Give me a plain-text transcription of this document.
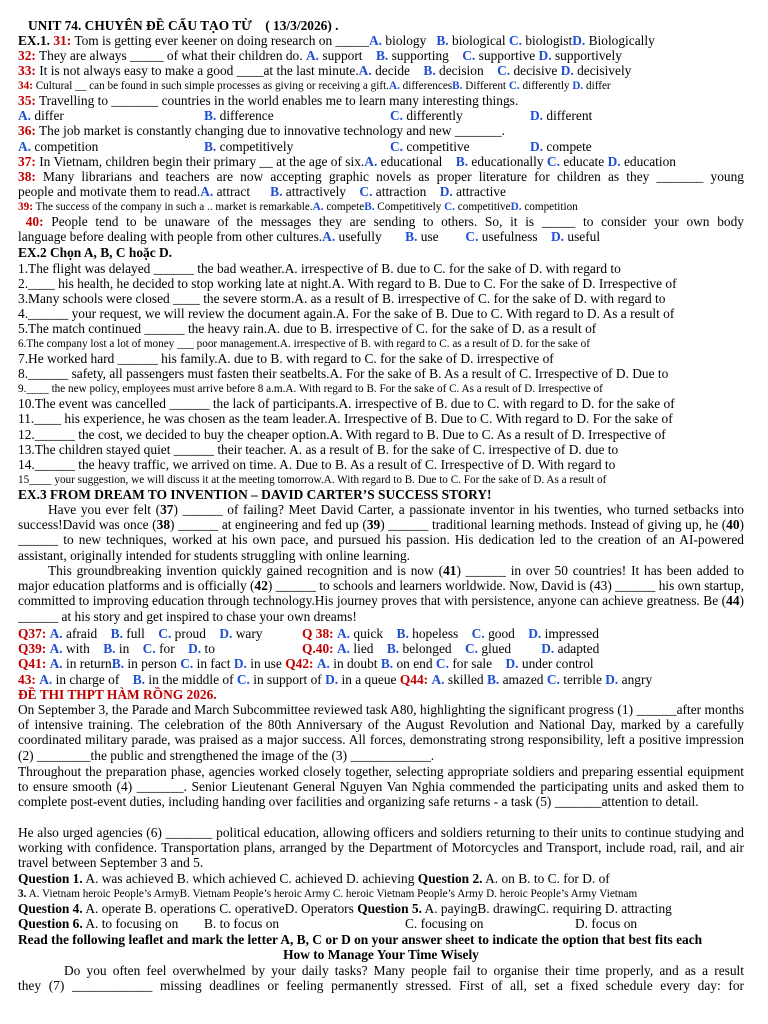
UNIT 74. CHUYÊN ĐỀ CẤU TẠO TỪ ( 13/3/2026) .
EX.1. 31: Tom is getting ever keener on doing research on _____A. biology B. biological C. biologistD. Biologically
32: They are always _____ of what their children do. A. support B. supporting C. supportive D. supportively
33: It is not always easy to make a good ____at the last minute.A. decide B. decision C. decisive D. decisively
34: Cultural __ can be found in such simple processes as giving or receiving a gift.A. differencesB. Different C. differently D. differ
35: Travelling to _______ countries in the world enables me to learn many interesting things.
A. differ	B. difference	C. differently	D. different
36: The job market is constantly changing due to innovative technology and new _______.
A. competition	B. competitively	C. competitive	D. compete
37: In Vietnam, children begin their primary __ at the age of six.A. educational B. educationally C. educate D. education
38: Many librarians and teachers are now accepting graphic novels as proper literature for children as they _______ young
people and motivate them to read.A. attract B. attractively C. attraction D. attractive
39: The success of the company in such a .. market is remarkable.A. competeB. Competitively C. competitiveD. competition
40: People tend to be unaware of the messages they are sending to others. So, it is _____ to consider your own body
language before dealing with people from other cultures.A. usefully B. use C. usefulness D. useful
EX.2 Chọn A, B, C hoặc D.
1.The flight was delayed ______ the bad weather.A. irrespective of B. due to C. for the sake of D. with regard to
2.____ his health, he decided to stop working late at night.A. With regard to B. Due to C. For the sake of D. Irrespective of
3.Many schools were closed ____ the severe storm.A. as a result of B. irrespective of C. for the sake of D. with regard to
4.______ your request, we will review the document again.A. For the sake of B. Due to C. With regard to D. As a result of
5.The match continued ______ the heavy rain.A. due to B. irrespective of C. for the sake of D. as a result of
6.The company lost a lot of money ___ poor management.A. irrespective of B. with regard to C. as a result of D. for the sake of
7.He worked hard ______ his family.A. due to B. with regard to C. for the sake of D. irrespective of
8.______ safety, all passengers must fasten their seatbelts.A. For the sake of B. As a result of C. Irrespective of D. Due to
9.____ the new policy, employees must arrive before 8 a.m.A. With regard to B. For the sake of C. As a result of D. Irrespective of
10.The event was cancelled ______ the lack of participants.A. irrespective of B. due to C. with regard to D. for the sake of
11.____ his experience, he was chosen as the team leader.A. Irrespective of B. Due to C. With regard to D. For the sake of
12.______ the cost, we decided to buy the cheaper option.A. With regard to B. Due to C. As a result of D. Irrespective of
13.The children stayed quiet ______ their teacher. A. as a result of B. for the sake of C. irrespective of D. due to
14.______ the heavy traffic, we arrived on time. A. Due to B. As a result of C. Irrespective of D. With regard to
15____ your suggestion, we will discuss it at the meeting tomorrow.A. With regard to B. Due to C. For the sake of D. As a result of
EX.3 FROM DREAM TO INVENTION – DAVID CARTER’S SUCCESS STORY!
Have you ever felt (37) ______ of failing? Meet David Carter, a passionate inventor in his twenties, who turned setbacks into success!David was once (38) ______ at engineering and fed up (39) ______ traditional learning methods. Instead of giving up, he (40) ______ to new techniques, worked at his own pace, and pursued his passion. His dedication led to the creation of an AI-powered assistant, originally intended for students struggling with online learning.
This groundbreaking invention quickly gained recognition and is now (41) ______ in over 50 countries! It has been added to major education platforms and is officially (42) ______ to schools and learners worldwide. Now, David is (43) ______ his own startup, committed to improving education through technology.His journey proves that with persistence, anyone can achieve greatness. Be (44) ______ at his story and get inspired to chase your own dreams!
Q37: A. afraid B. full C. proud D. wary	Q 38: A. quick B. hopeless C. good D. impressed
Q39: A. with B. in C. for D. to	Q.40: A. lied B. belonged C. glued D. adapted
Q41: A. in returnB. in person C. in fact D. in use Q42: A. in doubt B. on end C. for sale D. under control
43: A. in charge of B. in the middle of C. in support of D. in a queue Q44: A. skilled B. amazed C. terrible D. angry
ĐỀ THI THPT HÀM RỒNG 2026.
On September 3, the Parade and March Subcommittee reviewed task A80, highlighting the significant progress (1) ______after months of intensive training. The celebration of the 80th Anniversary of the August Revolution and National Day, marked by a carefully coordinated military parade, was praised as a major success. All forces, demonstrating strong responsibility, left a positive impression (2) ________the public and strengthened the image of the (3) ____________.
Throughout the preparation phase, agencies worked closely together, selecting appropriate soldiers and preparing essential equipment to ensure smooth (4) _______. Senior Lieutenant General Nguyen Van Nghia commended the participating units and asked them to complete post-event duties, including handing over facilities and organizing safe returns - a task (5) _______attention to detail.
He also urged agencies (6) _______ political education, allowing officers and soldiers returning to their units to continue studying and working with confidence. Transportation plans, arranged by the Department of Motorcycles and Transport, include road, rail, and air travel between September 3 and 5.
Question 1. A. was achieved B. which achieved C. achieved D. achieving Question 2. A. on B. to C. for D. of
3. A. Vietnam heroic People’s ArmyB. Vietnam People’s heroic Army C. heroic Vietnam People’s Army D. heroic People’s Army Vietnam
Question 4. A. operate B. operations C. operativeD. Operators Question 5. A. payingB. drawingC. requiring D. attracting
Question 6. A. to focusing on B. to focus on	C. focusing on	D. focus on
Read the following leaflet and mark the letter A, B, C or D on your answer sheet to indicate the option that best fits each
How to Manage Your Time Wisely
Do you often feel overwhelmed by your daily tasks? Many people fail to organise their time properly, and as a result
they (7) ____________ missing deadlines or feeling permanently stressed. First of all, set a fixed schedule every day: for
